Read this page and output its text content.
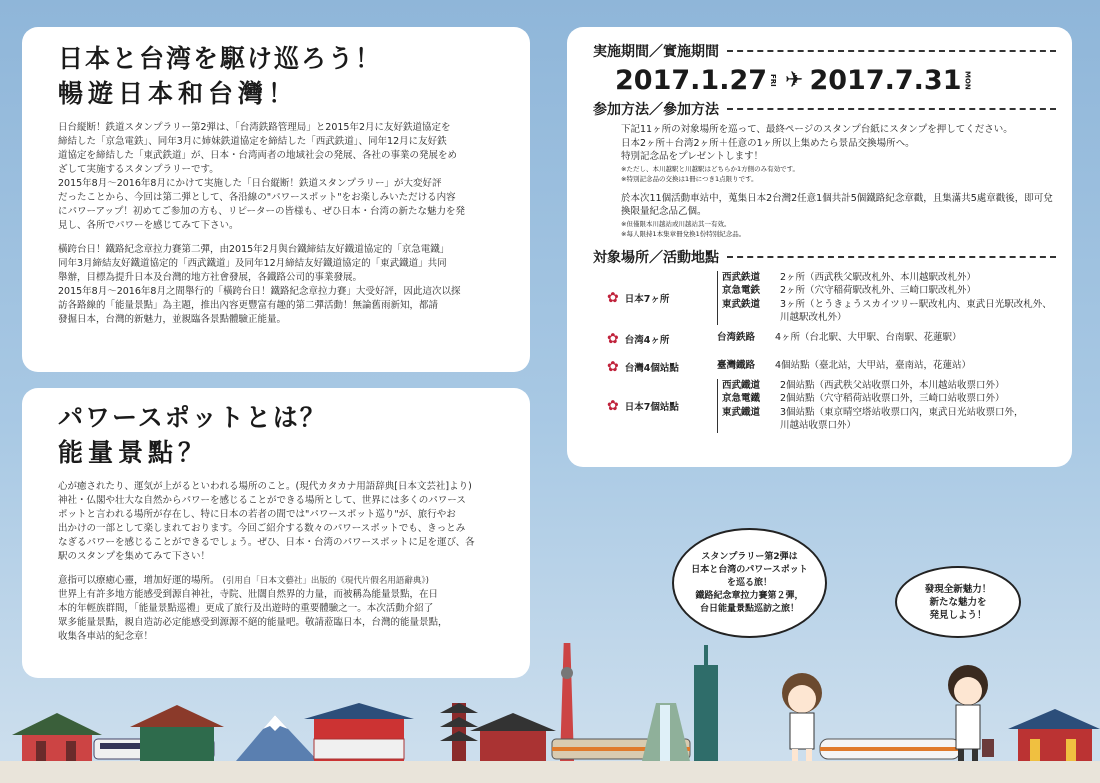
日本と台湾を駆け巡ろう！
暢遊日本和台灣！
日台縦断！鉄道スタンプラリー第2弾は、「台湾鉄路管理局」と2015年2月に友好鉄道協定を
締結した「京急電鉄」、同年3月に姉妹鉄道協定を締結した「西武鉄道」、同年12月に友好鉄
道協定を締結した「東武鉄道」が、日本・台湾両者の地域社会の発展、各社の事業の発展をめ
ざして実施するスタンプラリーです。
2015年8月～2016年8月にかけて実施した「日台縦断！鉄道スタンプラリー」が大変好評
だったことから、今回は第二弾として、各沿線の"パワースポット"をお楽しみいただける内容
にパワーアップ！初めてご参加の方も、リピーターの皆様も、ぜひ日本・台湾の新たな魅力を発
見し、各所でパワーを感じてみて下さい。
橫跨台日！鐵路紀念章拉力賽第二彈，由2015年2月與台鐵締結友好鐵道協定的「京急電鐵」
同年3月締結友好鐵道協定的「西武鐵道」及同年12月締結友好鐵道協定的「東武鐵道」共同
舉辦，目標為提升日本及台灣的地方社會發展，各鐵路公司的事業發展。
2015年8月～2016年8月之間舉行的「橫跨台日！鐵路紀念章拉力賽」大受好評，因此這次以探
訪各路線的「能量景點」為主題，推出內容更豐富有趣的第二彈活動！無論舊雨新知，都請
發掘日本，台灣的新魅力，並親臨各景點體驗正能量。
パワースポットとは？
能量景點？
心が癒されたり、運気が上がるといわれる場所のこと。(現代カタカナ用語辞典[日本文芸社]より)
神社・仏閣や壮大な自然からパワーを感じることができる場所として、世界には多くのパワース
ポットと言われる場所が存在し、特に日本の若者の間では"パワースポット巡り"が、旅行やお
出かけの一部として楽しまれております。今回ご紹介する数々のパワースポットでも、きっとみ
なぎるパワーを感じることができるでしょう。ぜひ、日本・台湾のパワースポットに足を運び、各
駅のスタンプを集めてみて下さい！
意指可以療癒心靈，增加好運的場所。 (引用自「日本文藝社」出版的《現代片假名用語辭典》)
世界上有許多地方能感受到源自神社，寺院、壯闊自然界的力量，而被稱為能量景點，在日
本的年輕族群間，「能量景點巡禮」更成了旅行及出遊時的重要體驗之一。本次活動介紹了
眾多能量景點，親自造訪必定能感受到源源不絕的能量吧。敬請蒞臨日本，台灣的能量景點，
收集各車站的紀念章！
実施期間／實施期間
2017.1.27 FRI ✈ 2017.7.31 MON
参加方法／參加方法
下記11ヶ所の対象場所を巡って、最終ページのスタンプ台紙にスタンプを押してください。
日本2ヶ所＋台湾2ヶ所＋任意の1ヶ所以上集めたら景品交換場所へ。
特別記念品をプレゼントします！
※ただし、本川越駅と川越駅はどちらか1方側のみ有効です。
※特別記念品の交換は1冊につき1点限りです。
於本次11個活動車站中，蒐集日本2台灣2任意1個共計5個鐵路紀念章戳，且集滿共5處章戳後，即可兌
換限量紀念品乙個。
※但僅限本川越站或川越站其一有效。
※每人限持1本集章冊兌換1份特別紀念品。
対象場所／活動地點
✿ 日本7ヶ所
西武鉄道	2ヶ所（西武秩父駅改札外、本川越駅改札外）
京急電鉄	2ヶ所（穴守稲荷駅改札外、三崎口駅改札外）
東武鉄道	3ヶ所（とうきょうスカイツリー駅改札内、東武日光駅改札外、
川越駅改札外）
✿ 台湾4ヶ所	台湾鉄路	4ヶ所（台北駅、大甲駅、台南駅、花蓮駅）
✿ 台灣4個站點	臺灣鐵路	4個站點（臺北站，大甲站，臺南站，花蓮站）
✿ 日本7個站點
西武鐵道	2個站點（西武秩父站收票口外，本川越站收票口外）
京急電鐵	2個站點（穴守稻荷站收票口外，三崎口站收票口外）
東武鐵道	3個站點（東京晴空塔站收票口內，東武日光站收票口外，
川越站收票口外）
スタンプラリー第2弾は
日本と台湾のパワースポット
を巡る旅！
鐵路紀念章拉力賽第２彈，
台日能量景點巡訪之旅！
發現全新魅力！
新たな魅力を
発見しよう！
